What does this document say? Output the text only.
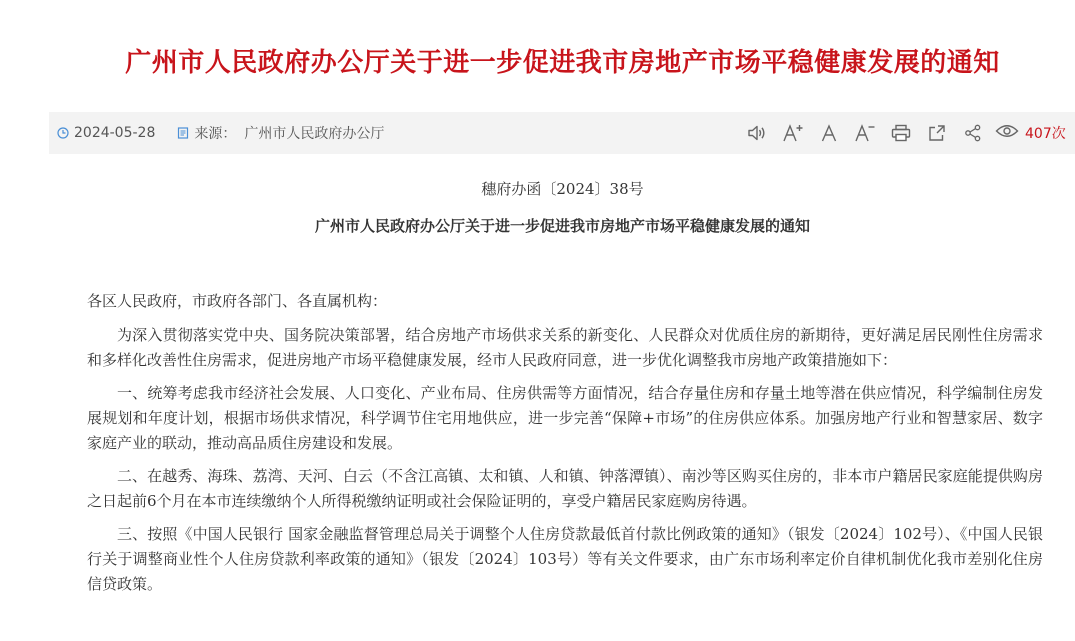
广州市人民政府办公厅关于进一步促进我市房地产市场平稳健康发展的通知
2024-05-28	来源： 广州市人民政府办公厅	407次
穗府办函〔2024〕38号
广州市人民政府办公厅关于进一步促进我市房地产市场平稳健康发展的通知

各区人民政府，市政府各部门、各直属机构：

为深入贯彻落实党中央、国务院决策部署，结合房地产市场供求关系的新变化、人民群众对优质住房的新期待，更好满足居民刚性住房需求和多样化改善性住房需求，促进房地产市场平稳健康发展，经市人民政府同意，进一步优化调整我市房地产政策措施如下：

一、统筹考虑我市经济社会发展、人口变化、产业布局、住房供需等方面情况，结合存量住房和存量土地等潜在供应情况，科学编制住房发展规划和年度计划，根据市场供求情况，科学调节住宅用地供应，进一步完善“保障+市场”的住房供应体系。加强房地产行业和智慧家居、数字家庭产业的联动，推动高品质住房建设和发展。

二、在越秀、海珠、荔湾、天河、白云（不含江高镇、太和镇、人和镇、钟落潭镇）、南沙等区购买住房的，非本市户籍居民家庭能提供购房之日起前6个月在本市连续缴纳个人所得税缴纳证明或社会保险证明的，享受户籍居民家庭购房待遇。

三、按照《中国人民银行 国家金融监督管理总局关于调整个人住房贷款最低首付款比例政策的通知》（银发〔2024〕102号）、《中国人民银行关于调整商业性个人住房贷款利率政策的通知》（银发〔2024〕103号）等有关文件要求，由广东市场利率定价自律机制优化我市差别化住房信贷政策。
